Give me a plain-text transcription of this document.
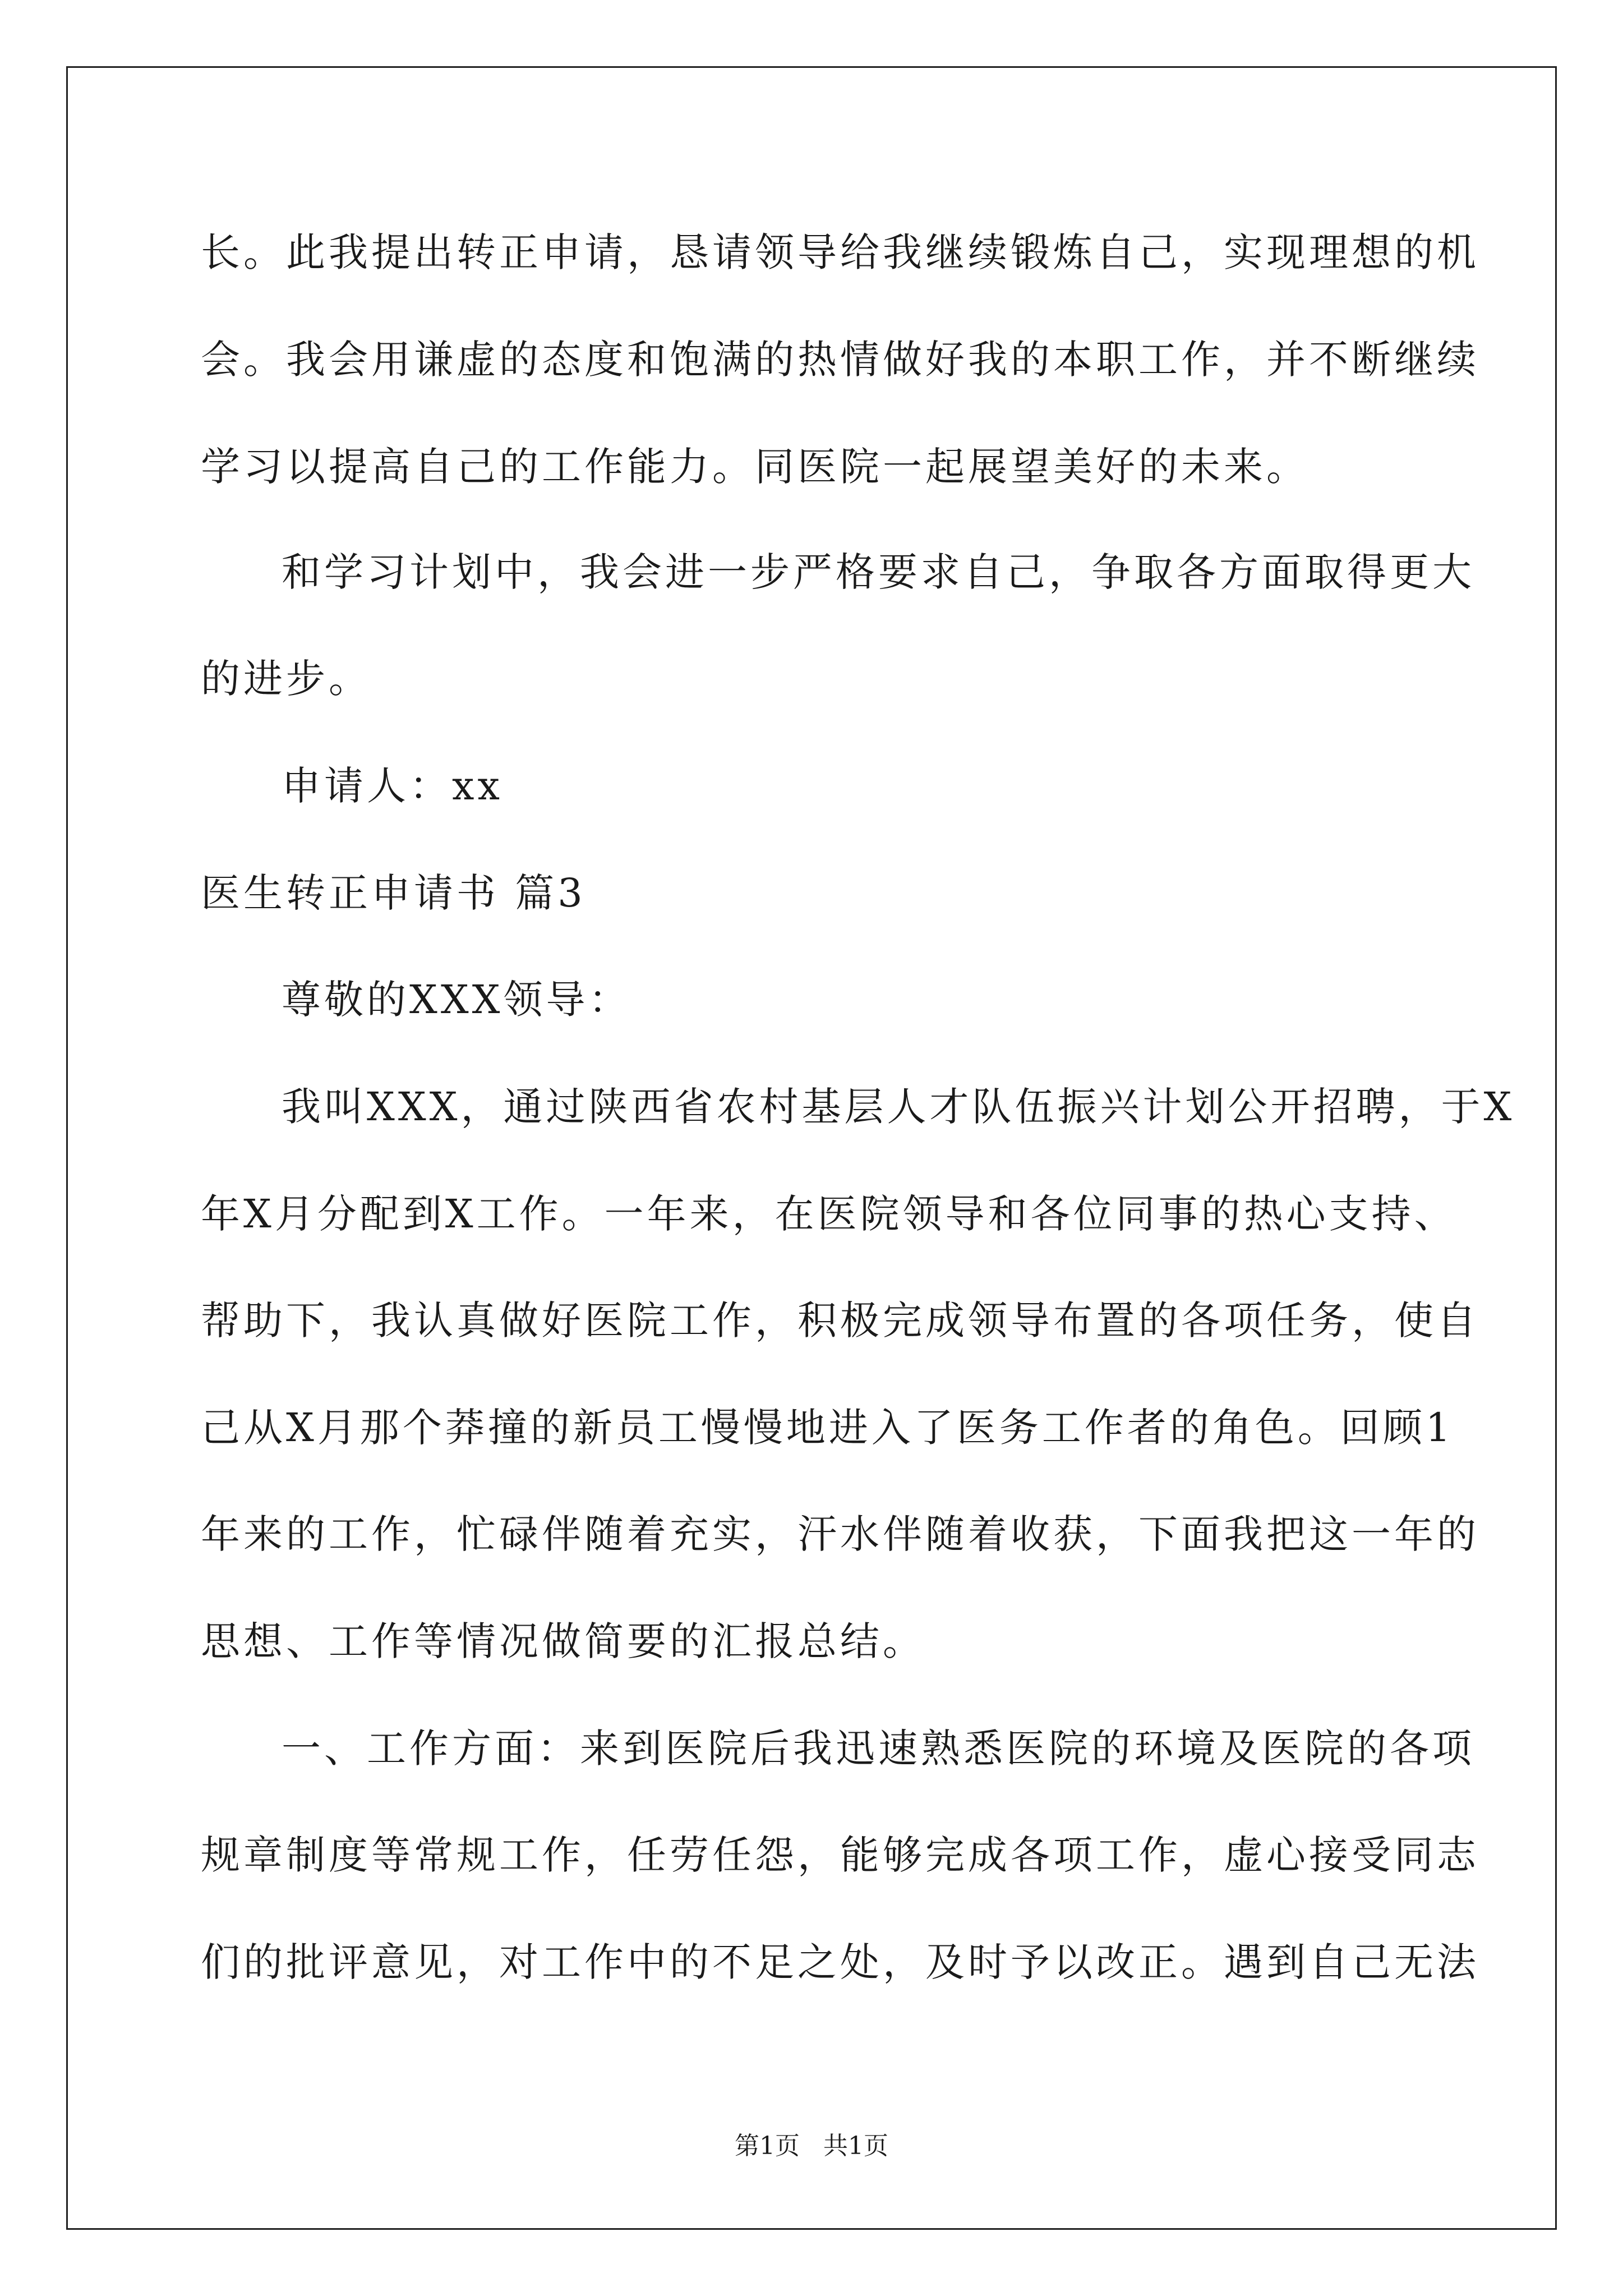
长。此我提出转正申请，恳请领导给我继续锻炼自己，实现理想的机
会。我会用谦虚的态度和饱满的热情做好我的本职工作，并不断继续
学习以提高自己的工作能力。同医院一起展望美好的未来。
和学习计划中，我会进一步严格要求自己，争取各方面取得更大
的进步。
申请人：xx
医生转正申请书 篇3
尊敬的XXX领导：
我叫XXX，通过陕西省农村基层人才队伍振兴计划公开招聘，于X
年X月分配到X工作。一年来，在医院领导和各位同事的热心支持、
帮助下，我认真做好医院工作，积极完成领导布置的各项任务，使自
己从X月那个莽撞的新员工慢慢地进入了医务工作者的角色。回顾1
年来的工作，忙碌伴随着充实，汗水伴随着收获，下面我把这一年的
思想、工作等情况做简要的汇报总结。
一、工作方面：来到医院后我迅速熟悉医院的环境及医院的各项
规章制度等常规工作，任劳任怨，能够完成各项工作，虚心接受同志
们的批评意见，对工作中的不足之处，及时予以改正。遇到自己无法
第1页   共1页
